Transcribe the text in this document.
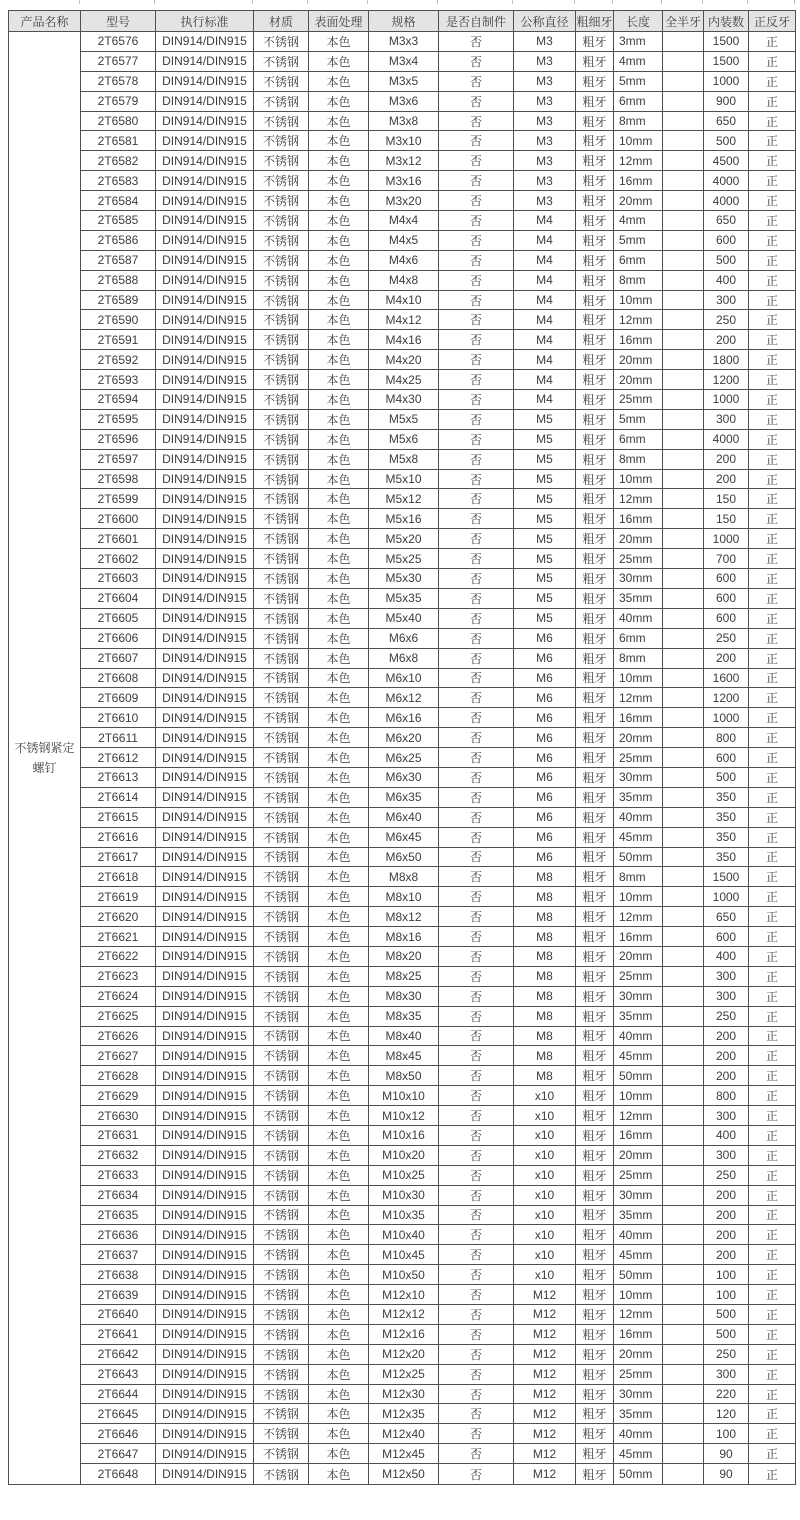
产品名称	型号	执行标准	材质	表面处理	规格	是否自制件	公称直径	粗细牙	长度	全半牙	内装数	正反牙
不锈钢紧定螺钉	2T6576	DIN914/DIN915	不锈钢	本色	M3x3	否	M3	粗牙	3mm		1500	正
	2T6577	DIN914/DIN915	不锈钢	本色	M3x4	否	M3	粗牙	4mm		1500	正
	2T6578	DIN914/DIN915	不锈钢	本色	M3x5	否	M3	粗牙	5mm		1000	正
	2T6579	DIN914/DIN915	不锈钢	本色	M3x6	否	M3	粗牙	6mm		900	正
	2T6580	DIN914/DIN915	不锈钢	本色	M3x8	否	M3	粗牙	8mm		650	正
	2T6581	DIN914/DIN915	不锈钢	本色	M3x10	否	M3	粗牙	10mm		500	正
	2T6582	DIN914/DIN915	不锈钢	本色	M3x12	否	M3	粗牙	12mm		4500	正
	2T6583	DIN914/DIN915	不锈钢	本色	M3x16	否	M3	粗牙	16mm		4000	正
	2T6584	DIN914/DIN915	不锈钢	本色	M3x20	否	M3	粗牙	20mm		4000	正
	2T6585	DIN914/DIN915	不锈钢	本色	M4x4	否	M4	粗牙	4mm		650	正
	2T6586	DIN914/DIN915	不锈钢	本色	M4x5	否	M4	粗牙	5mm		600	正
	2T6587	DIN914/DIN915	不锈钢	本色	M4x6	否	M4	粗牙	6mm		500	正
	2T6588	DIN914/DIN915	不锈钢	本色	M4x8	否	M4	粗牙	8mm		400	正
	2T6589	DIN914/DIN915	不锈钢	本色	M4x10	否	M4	粗牙	10mm		300	正
	2T6590	DIN914/DIN915	不锈钢	本色	M4x12	否	M4	粗牙	12mm		250	正
	2T6591	DIN914/DIN915	不锈钢	本色	M4x16	否	M4	粗牙	16mm		200	正
	2T6592	DIN914/DIN915	不锈钢	本色	M4x20	否	M4	粗牙	20mm		1800	正
	2T6593	DIN914/DIN915	不锈钢	本色	M4x25	否	M4	粗牙	20mm		1200	正
	2T6594	DIN914/DIN915	不锈钢	本色	M4x30	否	M4	粗牙	25mm		1000	正
	2T6595	DIN914/DIN915	不锈钢	本色	M5x5	否	M5	粗牙	5mm		300	正
	2T6596	DIN914/DIN915	不锈钢	本色	M5x6	否	M5	粗牙	6mm		4000	正
	2T6597	DIN914/DIN915	不锈钢	本色	M5x8	否	M5	粗牙	8mm		200	正
	2T6598	DIN914/DIN915	不锈钢	本色	M5x10	否	M5	粗牙	10mm		200	正
	2T6599	DIN914/DIN915	不锈钢	本色	M5x12	否	M5	粗牙	12mm		150	正
	2T6600	DIN914/DIN915	不锈钢	本色	M5x16	否	M5	粗牙	16mm		150	正
	2T6601	DIN914/DIN915	不锈钢	本色	M5x20	否	M5	粗牙	20mm		1000	正
	2T6602	DIN914/DIN915	不锈钢	本色	M5x25	否	M5	粗牙	25mm		700	正
	2T6603	DIN914/DIN915	不锈钢	本色	M5x30	否	M5	粗牙	30mm		600	正
	2T6604	DIN914/DIN915	不锈钢	本色	M5x35	否	M5	粗牙	35mm		600	正
	2T6605	DIN914/DIN915	不锈钢	本色	M5x40	否	M5	粗牙	40mm		600	正
	2T6606	DIN914/DIN915	不锈钢	本色	M6x6	否	M6	粗牙	6mm		250	正
	2T6607	DIN914/DIN915	不锈钢	本色	M6x8	否	M6	粗牙	8mm		200	正
	2T6608	DIN914/DIN915	不锈钢	本色	M6x10	否	M6	粗牙	10mm		1600	正
	2T6609	DIN914/DIN915	不锈钢	本色	M6x12	否	M6	粗牙	12mm		1200	正
	2T6610	DIN914/DIN915	不锈钢	本色	M6x16	否	M6	粗牙	16mm		1000	正
	2T6611	DIN914/DIN915	不锈钢	本色	M6x20	否	M6	粗牙	20mm		800	正
	2T6612	DIN914/DIN915	不锈钢	本色	M6x25	否	M6	粗牙	25mm		600	正
	2T6613	DIN914/DIN915	不锈钢	本色	M6x30	否	M6	粗牙	30mm		500	正
	2T6614	DIN914/DIN915	不锈钢	本色	M6x35	否	M6	粗牙	35mm		350	正
	2T6615	DIN914/DIN915	不锈钢	本色	M6x40	否	M6	粗牙	40mm		350	正
	2T6616	DIN914/DIN915	不锈钢	本色	M6x45	否	M6	粗牙	45mm		350	正
	2T6617	DIN914/DIN915	不锈钢	本色	M6x50	否	M6	粗牙	50mm		350	正
	2T6618	DIN914/DIN915	不锈钢	本色	M8x8	否	M8	粗牙	8mm		1500	正
	2T6619	DIN914/DIN915	不锈钢	本色	M8x10	否	M8	粗牙	10mm		1000	正
	2T6620	DIN914/DIN915	不锈钢	本色	M8x12	否	M8	粗牙	12mm		650	正
	2T6621	DIN914/DIN915	不锈钢	本色	M8x16	否	M8	粗牙	16mm		600	正
	2T6622	DIN914/DIN915	不锈钢	本色	M8x20	否	M8	粗牙	20mm		400	正
	2T6623	DIN914/DIN915	不锈钢	本色	M8x25	否	M8	粗牙	25mm		300	正
	2T6624	DIN914/DIN915	不锈钢	本色	M8x30	否	M8	粗牙	30mm		300	正
	2T6625	DIN914/DIN915	不锈钢	本色	M8x35	否	M8	粗牙	35mm		250	正
	2T6626	DIN914/DIN915	不锈钢	本色	M8x40	否	M8	粗牙	40mm		200	正
	2T6627	DIN914/DIN915	不锈钢	本色	M8x45	否	M8	粗牙	45mm		200	正
	2T6628	DIN914/DIN915	不锈钢	本色	M8x50	否	M8	粗牙	50mm		200	正
	2T6629	DIN914/DIN915	不锈钢	本色	M10x10	否	x10	粗牙	10mm		800	正
	2T6630	DIN914/DIN915	不锈钢	本色	M10x12	否	x10	粗牙	12mm		300	正
	2T6631	DIN914/DIN915	不锈钢	本色	M10x16	否	x10	粗牙	16mm		400	正
	2T6632	DIN914/DIN915	不锈钢	本色	M10x20	否	x10	粗牙	20mm		300	正
	2T6633	DIN914/DIN915	不锈钢	本色	M10x25	否	x10	粗牙	25mm		250	正
	2T6634	DIN914/DIN915	不锈钢	本色	M10x30	否	x10	粗牙	30mm		200	正
	2T6635	DIN914/DIN915	不锈钢	本色	M10x35	否	x10	粗牙	35mm		200	正
	2T6636	DIN914/DIN915	不锈钢	本色	M10x40	否	x10	粗牙	40mm		200	正
	2T6637	DIN914/DIN915	不锈钢	本色	M10x45	否	x10	粗牙	45mm		200	正
	2T6638	DIN914/DIN915	不锈钢	本色	M10x50	否	x10	粗牙	50mm		100	正
	2T6639	DIN914/DIN915	不锈钢	本色	M12x10	否	M12	粗牙	10mm		100	正
	2T6640	DIN914/DIN915	不锈钢	本色	M12x12	否	M12	粗牙	12mm		500	正
	2T6641	DIN914/DIN915	不锈钢	本色	M12x16	否	M12	粗牙	16mm		500	正
	2T6642	DIN914/DIN915	不锈钢	本色	M12x20	否	M12	粗牙	20mm		250	正
	2T6643	DIN914/DIN915	不锈钢	本色	M12x25	否	M12	粗牙	25mm		300	正
	2T6644	DIN914/DIN915	不锈钢	本色	M12x30	否	M12	粗牙	30mm		220	正
	2T6645	DIN914/DIN915	不锈钢	本色	M12x35	否	M12	粗牙	35mm		120	正
	2T6646	DIN914/DIN915	不锈钢	本色	M12x40	否	M12	粗牙	40mm		100	正
	2T6647	DIN914/DIN915	不锈钢	本色	M12x45	否	M12	粗牙	45mm		90	正
	2T6648	DIN914/DIN915	不锈钢	本色	M12x50	否	M12	粗牙	50mm		90	正
